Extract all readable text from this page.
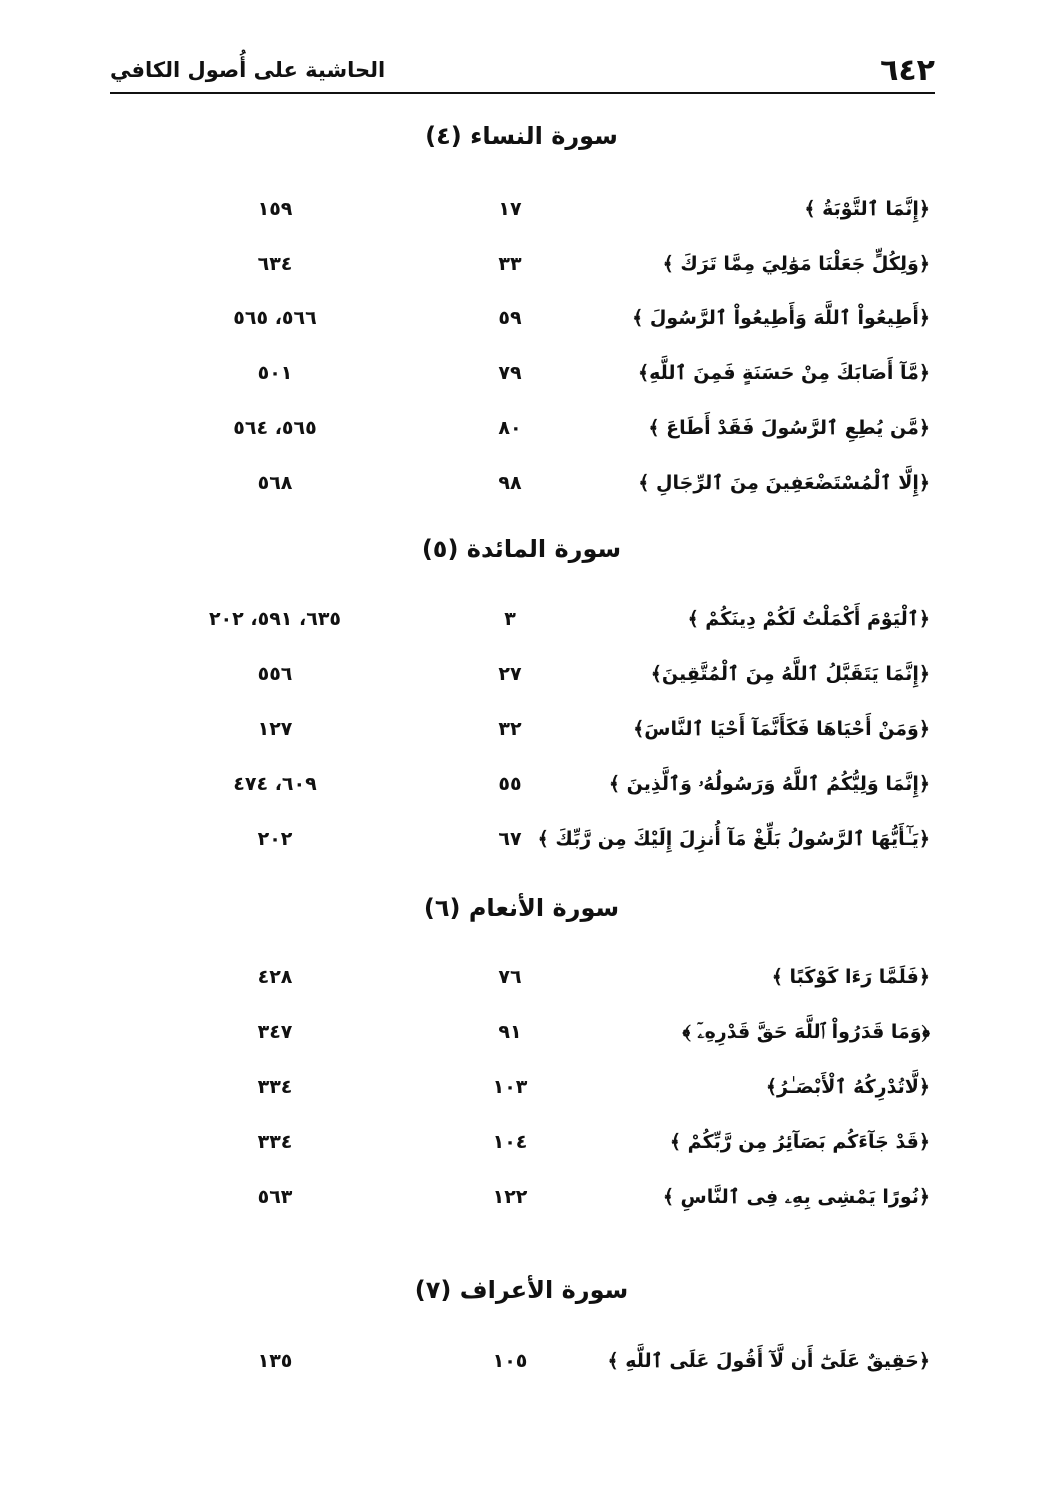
٦٤٢
الحاشية على أُصول الكافي
سورة النساء (٤)
﴿إِنَّمَا ٱلتَّوْبَةُ ﴾
١٧
١٥٩
﴿وَلِكُلٍّ جَعَلْنَا مَوَٰلِيَ مِمَّا تَرَكَ ﴾
٣٣
٦٣٤
﴿أَطِيعُواْ ٱللَّهَ وَأَطِيعُواْ ٱلرَّسُولَ ﴾
٥٩
٥٦٦، ٥٦٥
﴿مَّآ أَصَابَكَ مِنْ حَسَنَةٍ فَمِنَ ٱللَّهِ﴾
٧٩
٥٠١
﴿مَّن يُطِعِ ٱلرَّسُولَ فَقَدْ أَطَاعَ ﴾
٨٠
٥٦٥، ٥٦٤
﴿إِلَّا ٱلْمُسْتَضْعَفِينَ مِنَ ٱلرِّجَالِ ﴾
٩٨
٥٦٨
سورة المائدة (٥)
﴿ٱلْيَوْمَ أَكْمَلْتُ لَكُمْ دِينَكُمْ ﴾
٣
٦٣٥، ٥٩١، ٢٠٢
﴿إِنَّمَا يَتَقَبَّلُ ٱللَّهُ مِنَ ٱلْمُتَّقِينَ﴾
٢٧
٥٥٦
﴿وَمَنْ أَحْيَاهَا فَكَأَنَّمَآ أَحْيَا ٱلنَّاسَ﴾
٣٢
١٢٧
﴿إِنَّمَا وَلِيُّكُمُ ٱللَّهُ وَرَسُولُهُۥ وَٱلَّذِينَ ﴾
٥٥
٦٠٩، ٤٧٤
﴿يَـٰٓأَيُّهَا ٱلرَّسُولُ بَلِّغْ مَآ أُنزِلَ إِلَيْكَ مِن رَّبِّكَ ﴾
٦٧
٢٠٢
سورة الأنعام (٦)
﴿فَلَمَّا رَءَا كَوْكَبًا ﴾
٧٦
٤٢٨
﴿وَمَا قَدَرُواْ ٱللَّهَ حَقَّ قَدْرِهِۦٓ ﴾
٩١
٣٤٧
﴿لَّاتُدْرِكُهُ ٱلْأَبْصَـٰرُ﴾
١٠٣
٣٣٤
﴿قَدْ جَآءَكُم بَصَآئِرُ مِن رَّبِّكُمْ ﴾
١٠٤
٣٣٤
﴿نُورًا يَمْشِى بِهِۦ فِى ٱلنَّاسِ ﴾
١٢٢
٥٦٣
سورة الأعراف (٧)
﴿حَقِيقٌ عَلَىٰٓ أَن لَّآ أَقُولَ عَلَى ٱللَّهِ ﴾
١٠٥
١٣٥
